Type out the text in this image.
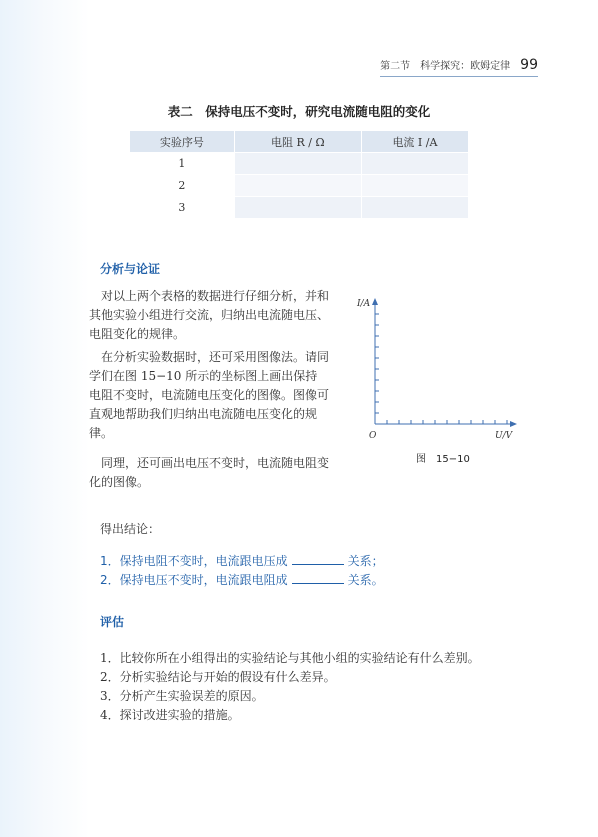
第二节　科学探究：欧姆定律 99
表二　保持电压不变时，研究电流随电阻的变化
实验序号	电阻 R / Ω	电流 I /A
1		
2		
3		
分析与论证

对以上两个表格的数据进行仔细分析，并和其他实验小组进行交流，归纳出电流随电压、电阻变化的规律。

在分析实验数据时，还可采用图像法。请同学们在图 15−10 所示的坐标图上画出保持电阻不变时，电流随电压变化的图像。图像可直观地帮助我们归纳出电流随电压变化的规律。

同理，还可画出电压不变时，电流随电阻变化的图像。

I/A
O	U/V
图　15−10
得出结论：
1．保持电阻不变时，电流跟电压成	关系；
2．保持电压不变时，电流跟电阻成	关系。
评估
1．比较你所在小组得出的实验结论与其他小组的实验结论有什么差别。
2．分析实验结论与开始的假设有什么差异。
3．分析产生实验误差的原因。
4．探讨改进实验的措施。
